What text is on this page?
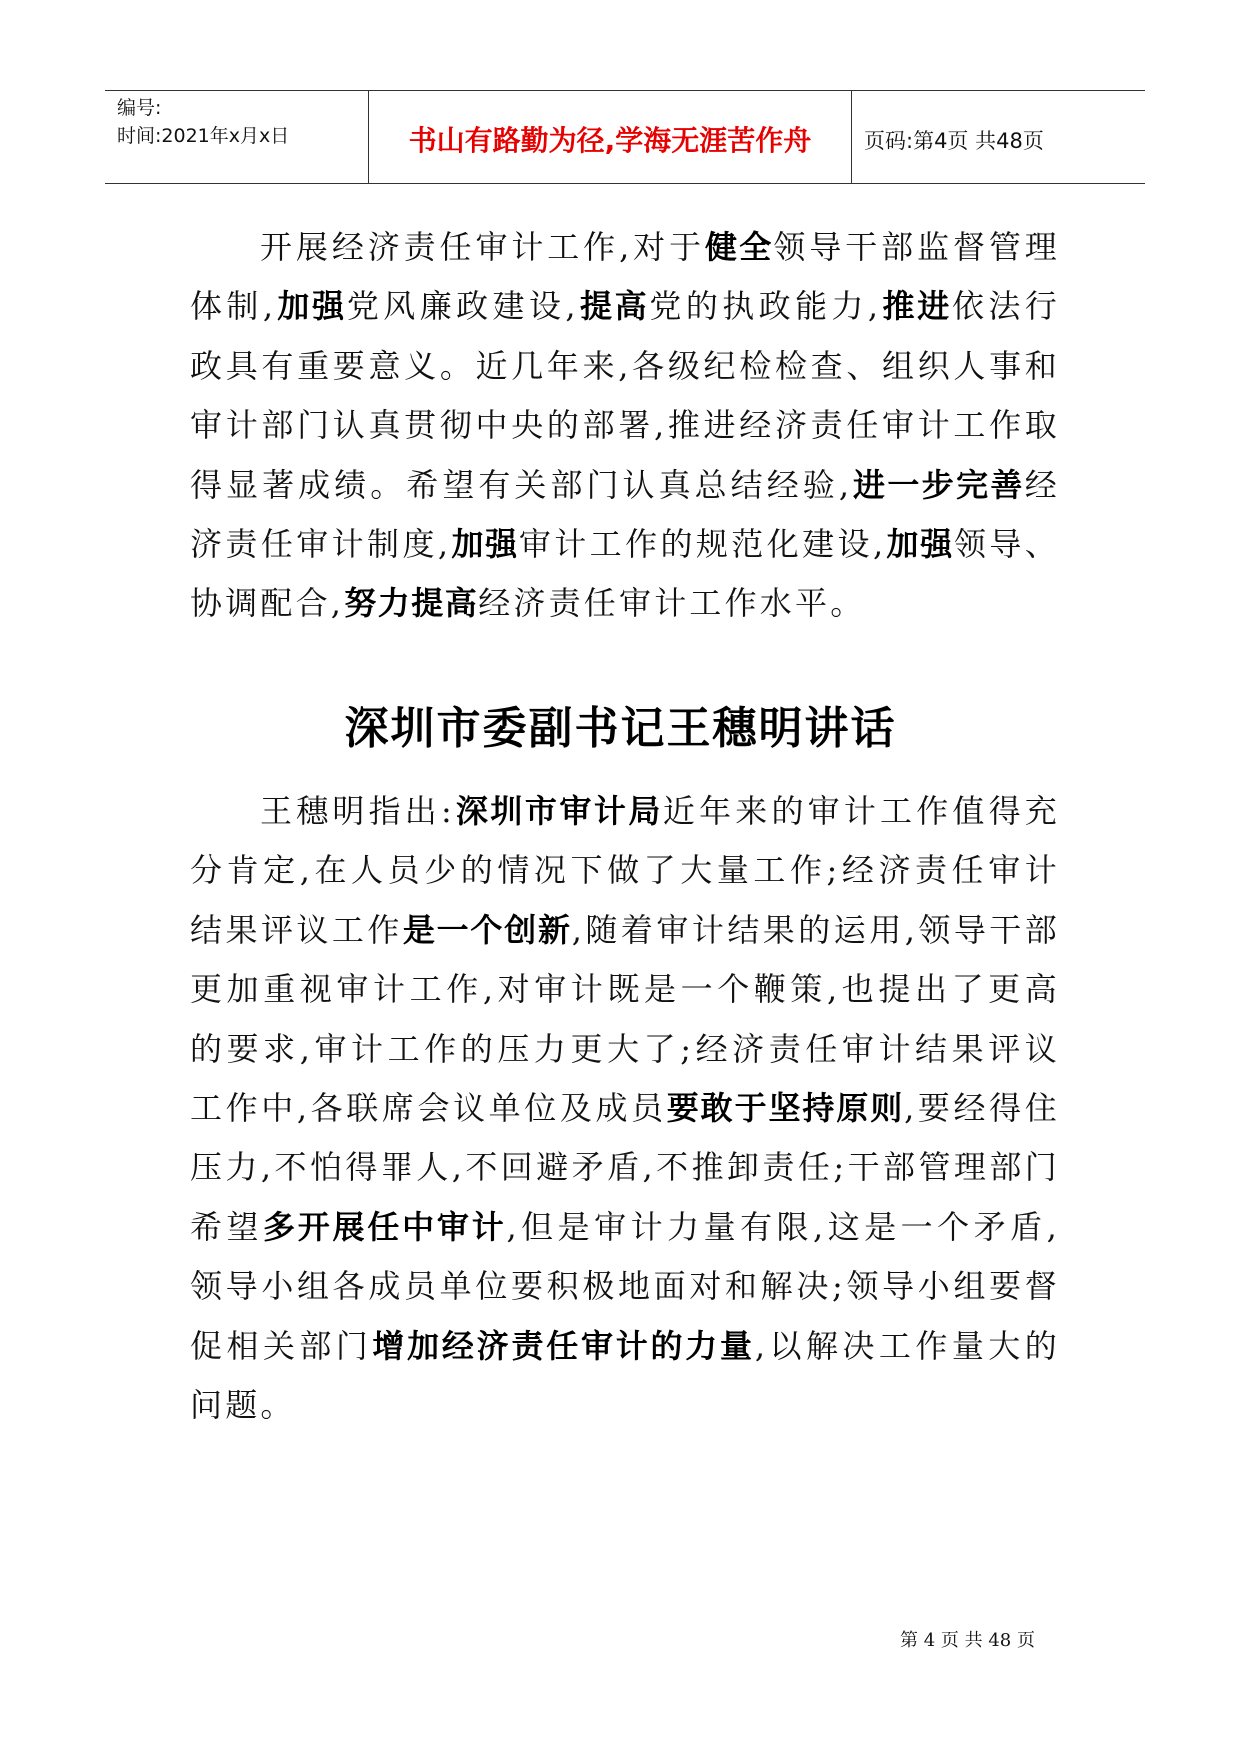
编号:
时间:2021年x月x日	书山有路勤为径,学海无涯苦作舟	页码:第4页 共48页

开展经济责任审计工作,对于健全领导干部监督管理体制,加强党风廉政建设,提高党的执政能力,推进依法行政具有重要意义。近几年来,各级纪检检查、组织人事和审计部门认真贯彻中央的部署,推进经济责任审计工作取得显著成绩。希望有关部门认真总结经验,进一步完善经济责任审计制度,加强审计工作的规范化建设,加强领导、协调配合,努力提高经济责任审计工作水平。

深圳市委副书记王穗明讲话

王穗明指出:深圳市审计局近年来的审计工作值得充分肯定,在人员少的情况下做了大量工作;经济责任审计结果评议工作是一个创新,随着审计结果的运用,领导干部更加重视审计工作,对审计既是一个鞭策,也提出了更高的要求,审计工作的压力更大了;经济责任审计结果评议工作中,各联席会议单位及成员要敢于坚持原则,要经得住压力,不怕得罪人,不回避矛盾,不推卸责任;干部管理部门希望多开展任中审计,但是审计力量有限,这是一个矛盾,领导小组各成员单位要积极地面对和解决;领导小组要督促相关部门增加经济责任审计的力量,以解决工作量大的问题。

第 4 页 共 48 页
